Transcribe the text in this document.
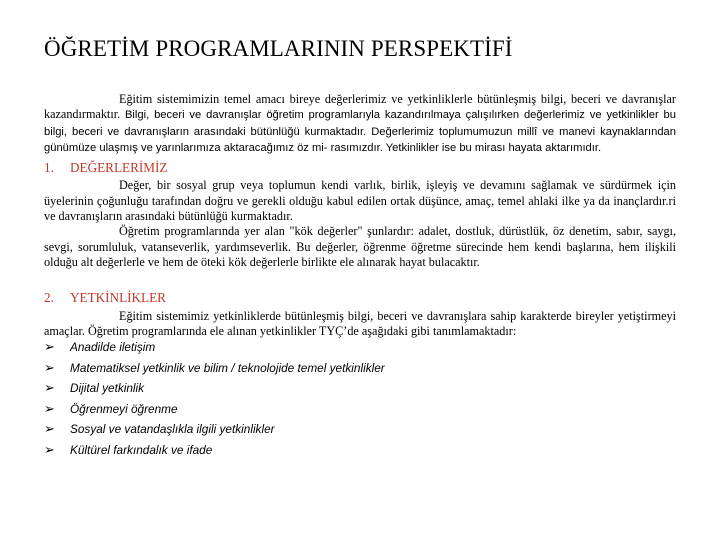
ÖĞRETİM PROGRAMLARININ PERSPEKTİFİ

Eğitim sistemimizin temel amacı bireye değerlerimiz ve yetkinliklerle bütünleşmiş bilgi, beceri ve davranışlar kazandırmaktır. Bilgi, beceri ve davranışlar öğretim programlarıyla kazandırılmaya çalışılırken değerlerimiz ve yetkinlikler bu bilgi, beceri ve davranışların arasındaki bütünlüğü kurmaktadır. Değerlerimiz toplumumuzun millî ve manevi kaynaklarından günümüze ulaşmış ve yarınlarımıza aktaracağımız öz mi- rasımızdır. Yetkinlikler ise bu mirası hayata aktarımıdır.

1.	DEĞERLERİMİZ

Değer, bir sosyal grup veya toplumun kendi varlık, birlik, işleyiş ve devamını sağlamak ve sürdürmek için üyelerinin çoğunluğu tarafından doğru ve gerekli olduğu kabul edilen ortak düşünce, amaç, temel ahlaki ilke ya da inançlardır.ri ve davranışların arasındaki bütünlüğü kurmaktadır.

Öğretim programlarında yer alan "kök değerler" şunlardır: adalet, dostluk, dürüstlük, öz denetim, sabır, saygı, sevgi, sorumluluk, vatanseverlik, yardımseverlik. Bu değerler, öğrenme öğretme sürecinde hem kendi başlarına, hem ilişkili olduğu alt değerlerle ve hem de öteki kök değerlerle birlikte ele alınarak hayat bulacaktır.

2.	YETKİNLİKLER

Eğitim sistemimiz yetkinliklerde bütünleşmiş bilgi, beceri ve davranışlara sahip karakterde bireyler yetiştirmeyi amaçlar. Öğretim programlarında ele alınan yetkinlikler TYÇ’de aşağıdaki gibi tanımlamaktadır:

➢	Anadilde iletişim
➢	Matematiksel yetkinlik ve bilim / teknolojide temel yetkinlikler
➢	Dijital yetkinlik
➢	Öğrenmeyi öğrenme
➢	Sosyal ve vatandaşlıkla ilgili yetkinlikler
➢	Kültürel farkındalık ve ifade
